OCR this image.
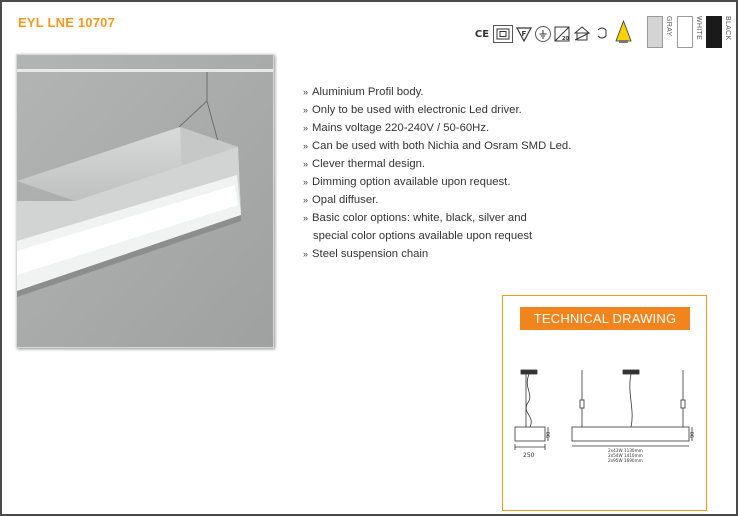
EYL LNE 10707
CE	F
20
GRAY	WHITE	BLACK
» Aluminium Profil body.
» Only to be used with electronic Led driver.
» Mains voltage 220-240V / 50-60Hz.
» Can be used with both Nichia and Osram SMD Led.
» Clever thermal design.
» Dimming option available upon request.
» Opal diffuser.
» Basic color options: white, black, silver and
special color options available upon request
» Steel suspension chain
TECHNICAL DRAWING
250
90	90
2x43W 1130mm
2x54W 1410mm
2x95W 1690mm
